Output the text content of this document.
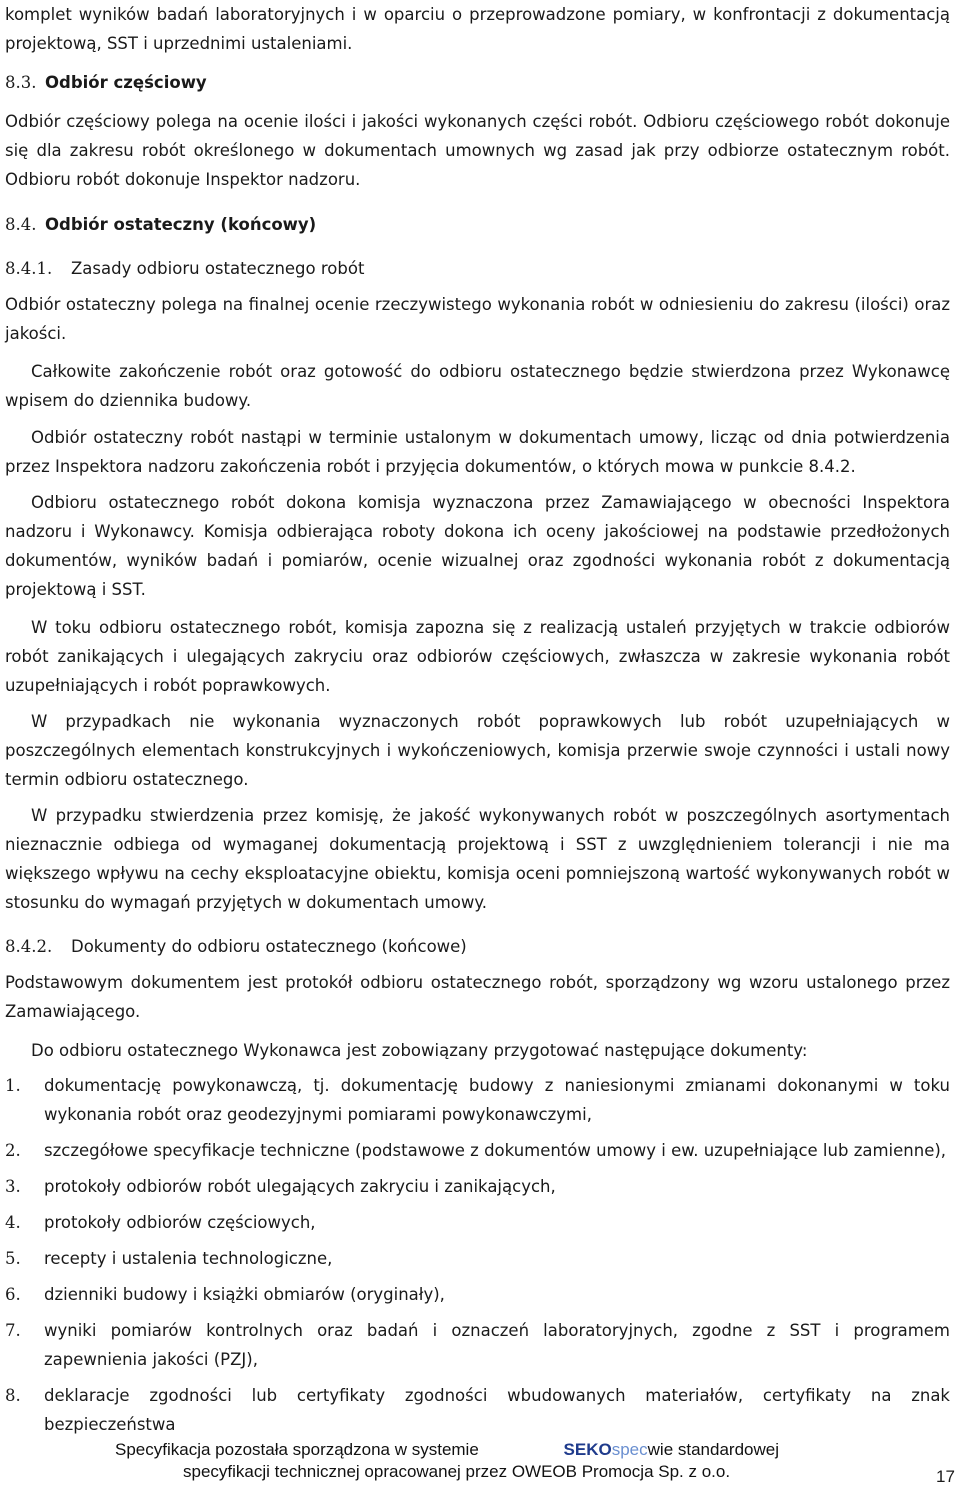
komplet wyników badań laboratoryjnych i w oparciu o przeprowadzone pomiary, w konfrontacji z dokumentacją projektową, SST i uprzednimi ustaleniami.

8.3. Odbiór częściowy

Odbiór częściowy polega na ocenie ilości i jakości wykonanych części robót. Odbioru częściowego robót dokonuje się dla zakresu robót określonego w dokumentach umownych wg zasad jak przy odbiorze ostatecznym robót. Odbioru robót dokonuje Inspektor nadzoru.

8.4. Odbiór ostateczny (końcowy)

8.4.1. Zasady odbioru ostatecznego robót

Odbiór ostateczny polega na finalnej ocenie rzeczywistego wykonania robót w odniesieniu do zakresu (ilości) oraz jakości.

Całkowite zakończenie robót oraz gotowość do odbioru ostatecznego będzie stwierdzona przez Wykonawcę wpisem do dziennika budowy.

Odbiór ostateczny robót nastąpi w terminie ustalonym w dokumentach umowy, licząc od dnia potwierdzenia przez Inspektora nadzoru zakończenia robót i przyjęcia dokumentów, o których mowa w punkcie 8.4.2.

Odbioru ostatecznego robót dokona komisja wyznaczona przez Zamawiającego w obecności Inspektora nadzoru i Wykonawcy. Komisja odbierająca roboty dokona ich oceny jakościowej na podstawie przedłożonych dokumentów, wyników badań i pomiarów, ocenie wizualnej oraz zgodności wykonania robót z dokumentacją projektową i SST.

W toku odbioru ostatecznego robót, komisja zapozna się z realizacją ustaleń przyjętych w trakcie odbiorów robót zanikających i ulegających zakryciu oraz odbiorów częściowych, zwłaszcza w zakresie wykonania robót uzupełniających i robót poprawkowych.

W przypadkach nie wykonania wyznaczonych robót poprawkowych lub robót uzupełniających w poszczególnych elementach konstrukcyjnych i wykończeniowych, komisja przerwie swoje czynności i ustali nowy termin odbioru ostatecznego.

W przypadku stwierdzenia przez komisję, że jakość wykonywanych robót w poszczególnych asortymentach nieznacznie odbiega od wymaganej dokumentacją projektową i SST z uwzględnieniem tolerancji i nie ma większego wpływu na cechy eksploatacyjne obiektu, komisja oceni pomniejszoną wartość wykonywanych robót w stosunku do wymagań przyjętych w dokumentach umowy.

8.4.2. Dokumenty do odbioru ostatecznego (końcowe)

Podstawowym dokumentem jest protokół odbioru ostatecznego robót, sporządzony wg wzoru ustalonego przez Zamawiającego.

Do odbioru ostatecznego Wykonawca jest zobowiązany przygotować następujące dokumenty:

1. dokumentację powykonawczą, tj. dokumentację budowy z naniesionymi zmianami dokonanymi w toku wykonania robót oraz geodezyjnymi pomiarami powykonawczymi,
2. szczegółowe specyfikacje techniczne (podstawowe z dokumentów umowy i ew. uzupełniające lub zamienne),
3. protokoły odbiorów robót ulegających zakryciu i zanikających,
4. protokoły odbiorów częściowych,
5. recepty i ustalenia technologiczne,
6. dzienniki budowy i książki obmiarów (oryginały),
7. wyniki pomiarów kontrolnych oraz badań i oznaczeń laboratoryjnych, zgodne z SST i programem zapewnienia jakości (PZJ),
8. deklaracje zgodności lub certyfikaty zgodności wbudowanych materiałów, certyfikaty na znak bezpieczeństwa
Specyfikacja pozostała sporządzona w systemie	SEKOspecwie standardowej
specyfikacji technicznej opracowanej przez OWEOB Promocja Sp. z o.o.	17
